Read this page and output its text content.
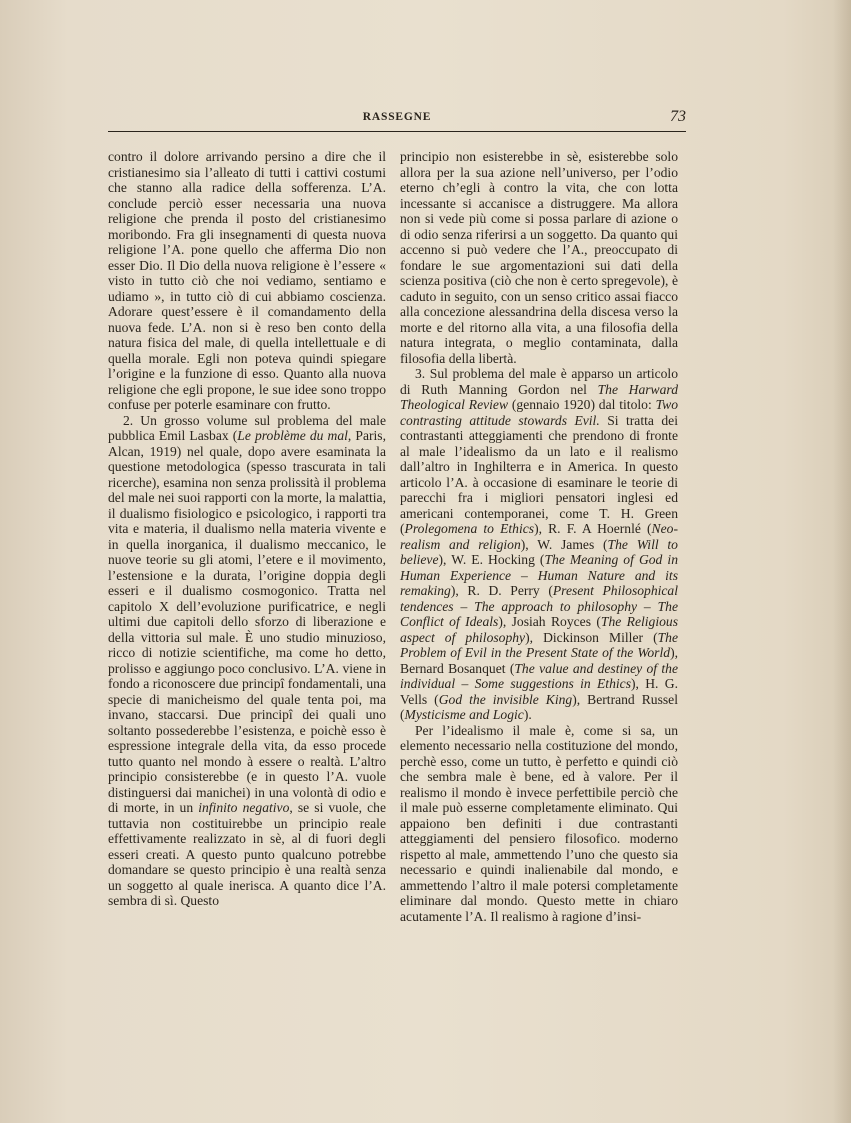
RASSEGNE	73

contro il dolore arrivando persino a dire che il cristianesimo sia l’alleato di tutti i cattivi costumi che stanno alla radice della sofferenza. L’A. conclude perciò esser necessaria una nuova religione che prenda il posto del cristianesimo moribondo. Fra gli insegnamenti di questa nuova religione l’A. pone quello che afferma Dio non esser Dio. Il Dio della nuova religione è l’essere « visto in tutto ciò che noi vediamo, sentiamo e udiamo », in tutto ciò di cui abbiamo coscienza. Adorare quest’essere è il comandamento della nuova fede. L’A. non si è reso ben conto della natura fisica del male, di quella intellettuale e di quella morale. Egli non poteva quindi spiegare l’origine e la funzione di esso. Quanto alla nuova religione che egli propone, le sue idee sono troppo confuse per poterle esaminare con frutto.

2. Un grosso volume sul problema del male pubblica Emil Lasbax (Le problème du mal, Paris, Alcan, 1919) nel quale, dopo avere esaminata la questione metodologica (spesso trascurata in tali ricerche), esamina non senza prolissità il problema del male nei suoi rapporti con la morte, la malattia, il dualismo fisiologico e psicologico, i rapporti tra vita e materia, il dualismo nella materia vivente e in quella inorganica, il dualismo meccanico, le nuove teorie su gli atomi, l’etere e il movimento, l’estensione e la durata, l’origine doppia degli esseri e il dualismo cosmogonico. Tratta nel capitolo X dell’evoluzione purificatrice, e negli ultimi due capitoli dello sforzo di liberazione e della vittoria sul male. È uno studio minuzioso, ricco di notizie scientifiche, ma come ho detto, prolisso e aggiungo poco conclusivo. L’A. viene in fondo a riconoscere due principî fondamentali, una specie di manicheismo del quale tenta poi, ma invano, staccarsi. Due principî dei quali uno soltanto possederebbe l’esistenza, e poichè esso è espressione integrale della vita, da esso procede tutto quanto nel mondo à essere o realtà. L’altro principio consisterebbe (e in questo l’A. vuole distinguersi dai manichei) in una volontà di odio e di morte, in un infinito negativo, se si vuole, che tuttavia non costituirebbe un principio reale effettivamente realizzato in sè, al di fuori degli esseri creati. A questo punto qualcuno potrebbe domandare se questo principio è una realtà senza un soggetto al quale inerisca. A quanto dice l’A. sembra di sì. Questo

principio non esisterebbe in sè, esisterebbe solo allora per la sua azione nell’universo, per l’odio eterno ch’egli à contro la vita, che con lotta incessante si accanisce a distruggere. Ma allora non si vede più come si possa parlare di azione o di odio senza riferirsi a un soggetto. Da quanto qui accenno si può vedere che l’A., preoccupato di fondare le sue argomentazioni sui dati della scienza positiva (ciò che non è certo spregevole), è caduto in seguito, con un senso critico assai fiacco alla concezione alessandrina della discesa verso la morte e del ritorno alla vita, a una filosofia della natura integrata, o meglio contaminata, dalla filosofia della libertà.

3. Sul problema del male è apparso un articolo di Ruth Manning Gordon nel The Harward Theological Review (gennaio 1920) dal titolo: Two contrasting attitude stowards Evil. Si tratta dei contrastanti atteggiamenti che prendono di fronte al male l’idealismo da un lato e il realismo dall’altro in Inghilterra e in America. In questo articolo l’A. à occasione di esaminare le teorie di parecchi fra i migliori pensatori inglesi ed americani contemporanei, come T. H. Green (Prolegomena to Ethics), R. F. A Hoernlé (Neo-realism and religion), W. James (The Will to believe), W. E. Hocking (The Meaning of God in Human Experience – Human Nature and its remaking), R. D. Perry (Present Philosophical tendences – The approach to philosophy – The Conflict of Ideals), Josiah Royces (The Religious aspect of philosophy), Dickinson Miller (The Problem of Evil in the Present State of the World), Bernard Bosanquet (The value and destiney of the individual – Some suggestions in Ethics), H. G. Vells (God the invisible King), Bertrand Russel (Mysticisme and Logic).

Per l’idealismo il male è, come si sa, un elemento necessario nella costituzione del mondo, perchè esso, come un tutto, è perfetto e quindi ciò che sembra male è bene, ed à valore. Per il realismo il mondo è invece perfettibile perciò che il male può esserne completamente eliminato. Qui appaiono ben definiti i due contrastanti atteggiamenti del pensiero filosofico. moderno rispetto al male, ammettendo l’uno che questo sia necessario e quindi inalienabile dal mondo, e ammettendo l’altro il male potersi completamente eliminare dal mondo. Questo mette in chiaro acutamente l’A. Il realismo à ragione d’insi-
